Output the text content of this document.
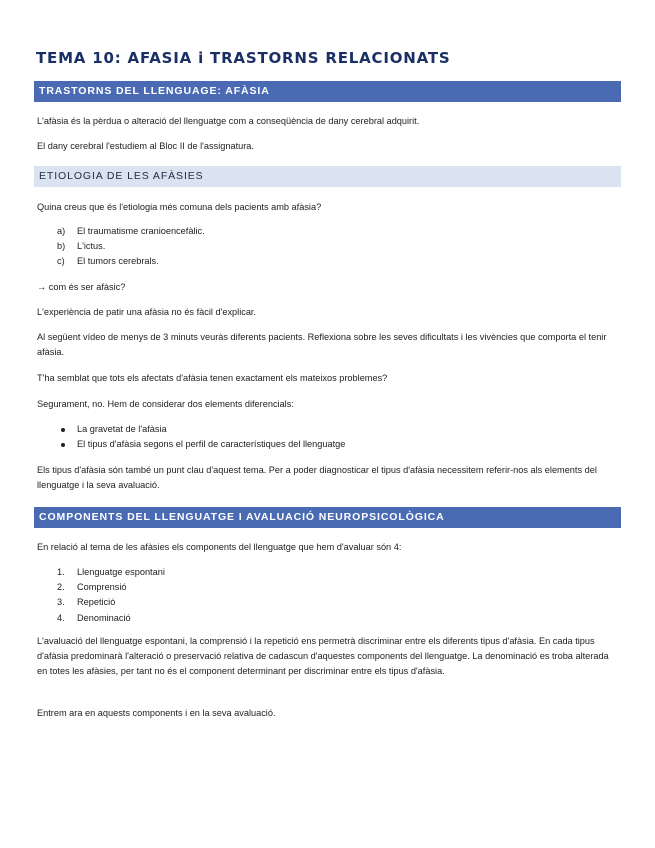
TEMA 10: AFASIA i TRASTORNS RELACIONATS
TRASTORNS DEL LLENGUAGE: AFÀSIA

L'afàsia és la pèrdua o alteració del llenguatge com a conseqüència de dany cerebral adquirit.

El dany cerebral l'estudiem al Bloc II de l'assignatura.

ETIOLOGIA DE LES AFÀSIES

Quina creus que és l'etiologia més comuna dels pacients amb afàsia?

a) El traumatisme cranioencefàlic.
b) L'ictus.
c) El tumors cerebrals.

→ com és ser afàsic?

L'experiència de patir una afàsia no és fàcil d'explicar.

Al següent vídeo de menys de 3 minuts veuràs diferents pacients. Reflexiona sobre les seves dificultats i les vivències que comporta el tenir afàsia.

T'ha semblat que tots els afectats d'afàsia tenen exactament els mateixos problemes?

Segurament, no. Hem de considerar dos elements diferencials:

La gravetat de l'afàsia
El tipus d'afàsia segons el perfil de característiques del llenguatge

Els tipus d'afàsia són també un punt clau d'aquest tema. Per a poder diagnosticar el tipus d'afàsia necessitem referir-nos als elements del llenguatge i la seva avaluació.

COMPONENTS DEL LLENGUATGE I AVALUACIÓ NEUROPSICOLÒGICA

En relació al tema de les afàsies els components del llenguatge que hem d'avaluar són 4:

1. Llenguatge espontani
2. Comprensió
3. Repetició
4. Denominació

L'avaluació del llenguatge espontani, la comprensió i la repetició ens permetrà discriminar entre els diferents tipus d'afàsia. En cada tipus d'afàsia predominarà l'alteració o preservació relativa de cadascun d'aquestes components del llenguatge. La denominació es troba alterada en totes les afàsies, per tant no és el component determinant per discriminar entre els tipus d'afàsia.

Entrem ara en aquests components i en la seva avaluació.
